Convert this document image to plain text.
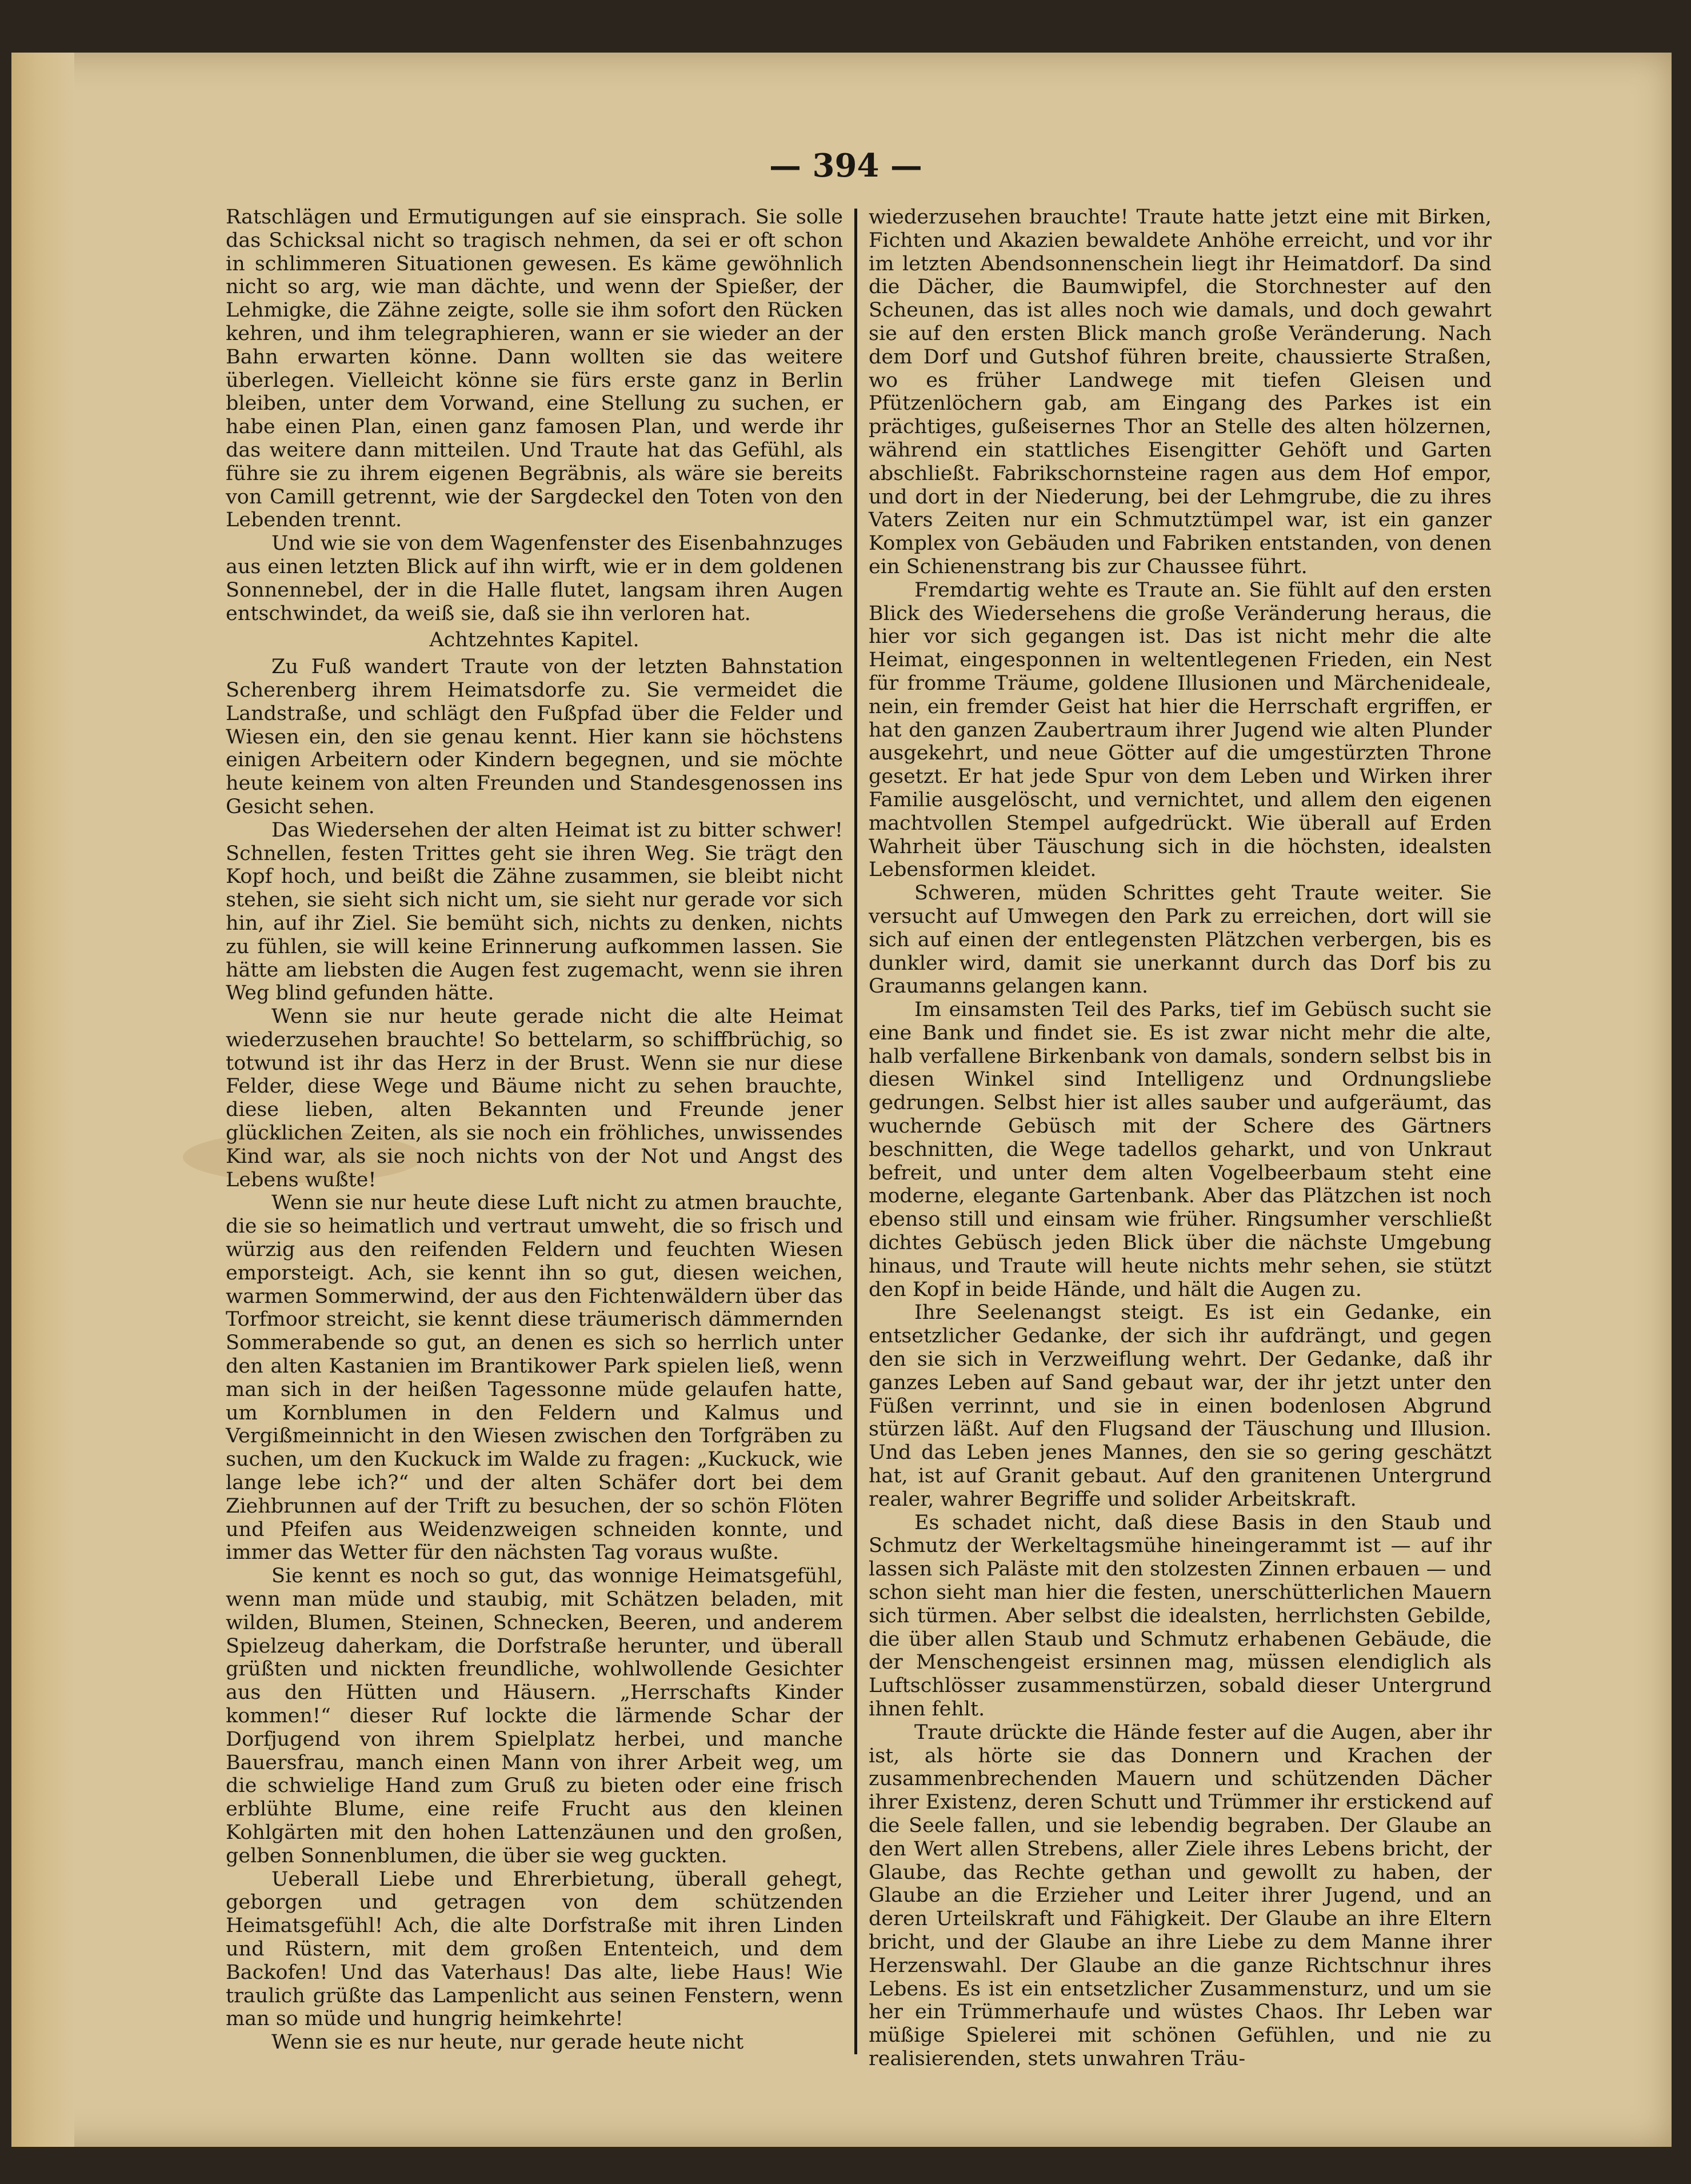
— 394 —

Ratschlägen und Ermutigungen auf sie einsprach. Sie solle das Schicksal nicht so tragisch nehmen, da sei er oft schon in schlimmeren Situationen gewesen. Es käme gewöhnlich nicht so arg, wie man dächte, und wenn der Spießer, der Lehmigke, die Zähne zeigte, solle sie ihm sofort den Rücken kehren, und ihm telegraphieren, wann er sie wieder an der Bahn erwarten könne. Dann wollten sie das weitere überlegen. Vielleicht könne sie fürs erste ganz in Berlin bleiben, unter dem Vorwand, eine Stellung zu suchen, er habe einen Plan, einen ganz famosen Plan, und werde ihr das weitere dann mitteilen. Und Traute hat das Gefühl, als führe sie zu ihrem eigenen Begräbnis, als wäre sie bereits von Camill getrennt, wie der Sargdeckel den Toten von den Lebenden trennt.

Und wie sie von dem Wagenfenster des Eisenbahnzuges aus einen letzten Blick auf ihn wirft, wie er in dem goldenen Sonnennebel, der in die Halle flutet, langsam ihren Augen entschwindet, da weiß sie, daß sie ihn verloren hat.

Achtzehntes Kapitel.

Zu Fuß wandert Traute von der letzten Bahnstation Scherenberg ihrem Heimatsdorfe zu. Sie vermeidet die Landstraße, und schlägt den Fußpfad über die Felder und Wiesen ein, den sie genau kennt. Hier kann sie höchstens einigen Arbeitern oder Kindern begegnen, und sie möchte heute keinem von alten Freunden und Standesgenossen ins Gesicht sehen.

Das Wiedersehen der alten Heimat ist zu bitter schwer! Schnellen, festen Trittes geht sie ihren Weg. Sie trägt den Kopf hoch, und beißt die Zähne zusammen, sie bleibt nicht stehen, sie sieht sich nicht um, sie sieht nur gerade vor sich hin, auf ihr Ziel. Sie bemüht sich, nichts zu denken, nichts zu fühlen, sie will keine Erinnerung aufkommen lassen. Sie hätte am liebsten die Augen fest zugemacht, wenn sie ihren Weg blind gefunden hätte.

Wenn sie nur heute gerade nicht die alte Heimat wiederzusehen brauchte! So bettelarm, so schiffbrüchig, so totwund ist ihr das Herz in der Brust. Wenn sie nur diese Felder, diese Wege und Bäume nicht zu sehen brauchte, diese lieben, alten Bekannten und Freunde jener glücklichen Zeiten, als sie noch ein fröhliches, unwissendes Kind war, als sie noch nichts von der Not und Angst des Lebens wußte!

Wenn sie nur heute diese Luft nicht zu atmen brauchte, die sie so heimatlich und vertraut umweht, die so frisch und würzig aus den reifenden Feldern und feuchten Wiesen emporsteigt. Ach, sie kennt ihn so gut, diesen weichen, warmen Sommerwind, der aus den Fichtenwäldern über das Torfmoor streicht, sie kennt diese träumerisch dämmernden Sommerabende so gut, an denen es sich so herrlich unter den alten Kastanien im Brantikower Park spielen ließ, wenn man sich in der heißen Tagessonne müde gelaufen hatte, um Kornblumen in den Feldern und Kalmus und Vergißmeinnicht in den Wiesen zwischen den Torfgräben zu suchen, um den Kuckuck im Walde zu fragen: „Kuckuck, wie lange lebe ich?“ und der alten Schäfer dort bei dem Ziehbrunnen auf der Trift zu besuchen, der so schön Flöten und Pfeifen aus Weidenzweigen schneiden konnte, und immer das Wetter für den nächsten Tag voraus wußte.

Sie kennt es noch so gut, das wonnige Heimatsgefühl, wenn man müde und staubig, mit Schätzen beladen, mit wilden, Blumen, Steinen, Schnecken, Beeren, und anderem Spielzeug daherkam, die Dorfstraße herunter, und überall grüßten und nickten freundliche, wohlwollende Gesichter aus den Hütten und Häusern. „Herrschafts Kinder kommen!“ dieser Ruf lockte die lärmende Schar der Dorfjugend von ihrem Spielplatz herbei, und manche Bauersfrau, manch einen Mann von ihrer Arbeit weg, um die schwielige Hand zum Gruß zu bieten oder eine frisch erblühte Blume, eine reife Frucht aus den kleinen Kohlgärten mit den hohen Lattenzäunen und den großen, gelben Sonnenblumen, die über sie weg guckten.

Ueberall Liebe und Ehrerbietung, überall gehegt, geborgen und getragen von dem schützenden Heimatsgefühl! Ach, die alte Dorfstraße mit ihren Linden und Rüstern, mit dem großen Ententeich, und dem Backofen! Und das Vaterhaus! Das alte, liebe Haus! Wie traulich grüßte das Lampenlicht aus seinen Fenstern, wenn man so müde und hungrig heimkehrte!

Wenn sie es nur heute, nur gerade heute nicht

wiederzusehen brauchte! Traute hatte jetzt eine mit Birken, Fichten und Akazien bewaldete Anhöhe erreicht, und vor ihr im letzten Abendsonnenschein liegt ihr Heimatdorf. Da sind die Dächer, die Baumwipfel, die Storchnester auf den Scheunen, das ist alles noch wie damals, und doch gewahrt sie auf den ersten Blick manch große Veränderung. Nach dem Dorf und Gutshof führen breite, chaussierte Straßen, wo es früher Landwege mit tiefen Gleisen und Pfützenlöchern gab, am Eingang des Parkes ist ein prächtiges, gußeisernes Thor an Stelle des alten hölzernen, während ein stattliches Eisengitter Gehöft und Garten abschließt. Fabrikschornsteine ragen aus dem Hof empor, und dort in der Niederung, bei der Lehmgrube, die zu ihres Vaters Zeiten nur ein Schmutztümpel war, ist ein ganzer Komplex von Gebäuden und Fabriken entstanden, von denen ein Schienenstrang bis zur Chaussee führt.

Fremdartig wehte es Traute an. Sie fühlt auf den ersten Blick des Wiedersehens die große Veränderung heraus, die hier vor sich gegangen ist. Das ist nicht mehr die alte Heimat, eingesponnen in weltentlegenen Frieden, ein Nest für fromme Träume, goldene Illusionen und Märchenideale, nein, ein fremder Geist hat hier die Herrschaft ergriffen, er hat den ganzen Zaubertraum ihrer Jugend wie alten Plunder ausgekehrt, und neue Götter auf die umgestürzten Throne gesetzt. Er hat jede Spur von dem Leben und Wirken ihrer Familie ausgelöscht, und vernichtet, und allem den eigenen machtvollen Stempel aufgedrückt. Wie überall auf Erden Wahrheit über Täuschung sich in die höchsten, idealsten Lebensformen kleidet.

Schweren, müden Schrittes geht Traute weiter. Sie versucht auf Umwegen den Park zu erreichen, dort will sie sich auf einen der entlegensten Plätzchen verbergen, bis es dunkler wird, damit sie unerkannt durch das Dorf bis zu Graumanns gelangen kann.

Im einsamsten Teil des Parks, tief im Gebüsch sucht sie eine Bank und findet sie. Es ist zwar nicht mehr die alte, halb verfallene Birkenbank von damals, sondern selbst bis in diesen Winkel sind Intelligenz und Ordnungsliebe gedrungen. Selbst hier ist alles sauber und aufgeräumt, das wuchernde Gebüsch mit der Schere des Gärtners beschnitten, die Wege tadellos geharkt, und von Unkraut befreit, und unter dem alten Vogelbeerbaum steht eine moderne, elegante Gartenbank. Aber das Plätzchen ist noch ebenso still und einsam wie früher. Ringsumher verschließt dichtes Gebüsch jeden Blick über die nächste Umgebung hinaus, und Traute will heute nichts mehr sehen, sie stützt den Kopf in beide Hände, und hält die Augen zu.

Ihre Seelenangst steigt. Es ist ein Gedanke, ein entsetzlicher Gedanke, der sich ihr aufdrängt, und gegen den sie sich in Verzweiflung wehrt. Der Gedanke, daß ihr ganzes Leben auf Sand gebaut war, der ihr jetzt unter den Füßen verrinnt, und sie in einen bodenlosen Abgrund stürzen läßt. Auf den Flugsand der Täuschung und Illusion. Und das Leben jenes Mannes, den sie so gering geschätzt hat, ist auf Granit gebaut. Auf den granitenen Untergrund realer, wahrer Begriffe und solider Arbeitskraft.

Es schadet nicht, daß diese Basis in den Staub und Schmutz der Werkeltagsmühe hineingerammt ist — auf ihr lassen sich Paläste mit den stolzesten Zinnen erbauen — und schon sieht man hier die festen, unerschütterlichen Mauern sich türmen. Aber selbst die idealsten, herrlichsten Gebilde, die über allen Staub und Schmutz erhabenen Gebäude, die der Menschengeist ersinnen mag, müssen elendiglich als Luftschlösser zusammenstürzen, sobald dieser Untergrund ihnen fehlt.

Traute drückte die Hände fester auf die Augen, aber ihr ist, als hörte sie das Donnern und Krachen der zusammenbrechenden Mauern und schützenden Dächer ihrer Existenz, deren Schutt und Trümmer ihr erstickend auf die Seele fallen, und sie lebendig begraben. Der Glaube an den Wert allen Strebens, aller Ziele ihres Lebens bricht, der Glaube, das Rechte gethan und gewollt zu haben, der Glaube an die Erzieher und Leiter ihrer Jugend, und an deren Urteilskraft und Fähigkeit. Der Glaube an ihre Eltern bricht, und der Glaube an ihre Liebe zu dem Manne ihrer Herzenswahl. Der Glaube an die ganze Richtschnur ihres Lebens. Es ist ein entsetzlicher Zusammensturz, und um sie her ein Trümmerhaufe und wüstes Chaos. Ihr Leben war müßige Spielerei mit schönen Gefühlen, und nie zu realisierenden, stets unwahren Träu-
